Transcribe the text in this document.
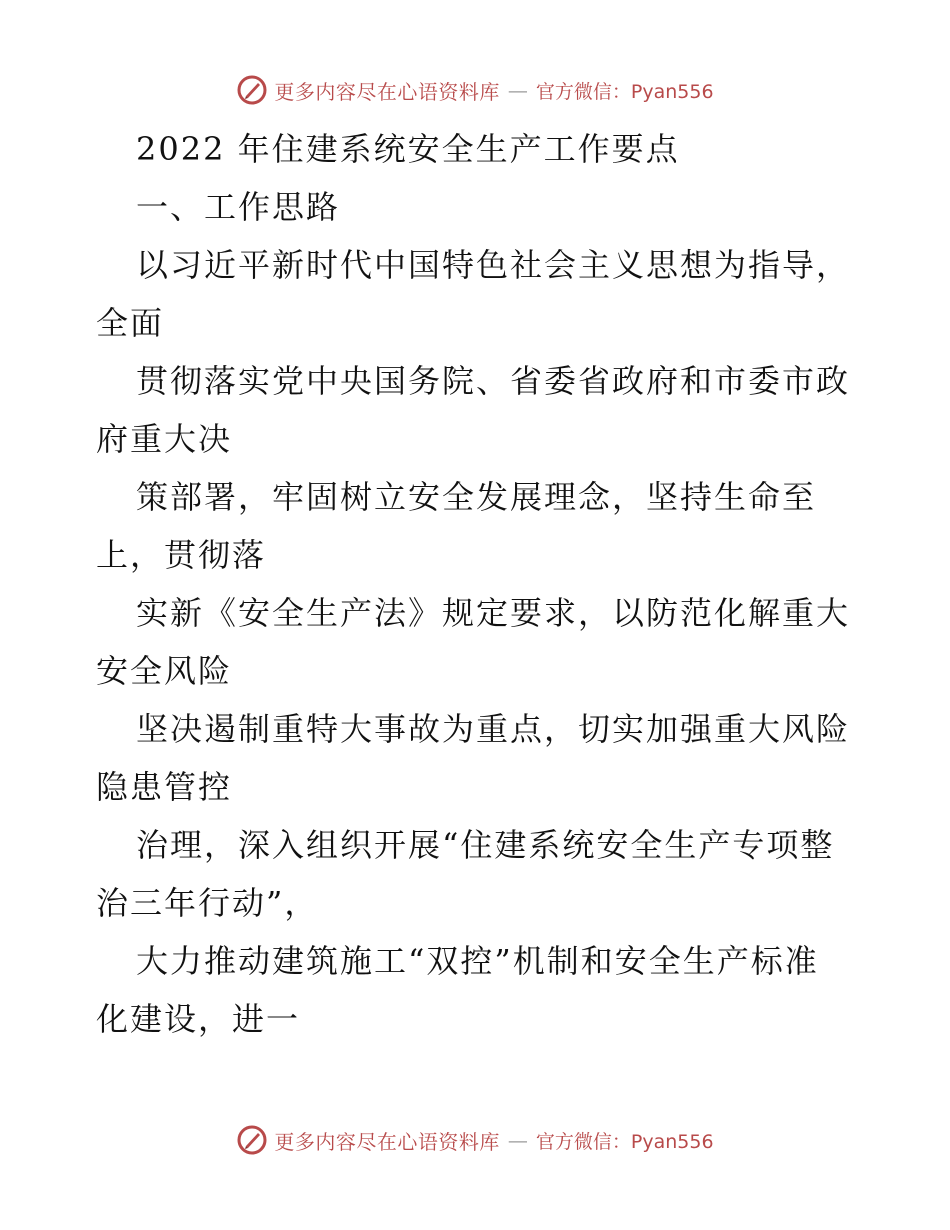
更多内容尽在心语资料库 — 官方微信：Pyan556
2022 年住建系统安全生产工作要点
一、工作思路
以习近平新时代中国特色社会主义思想为指导，
全面
贯彻落实党中央国务院、省委省政府和市委市政
府重大决
策部署，牢固树立安全发展理念，坚持生命至
上，贯彻落
实新《安全生产法》规定要求，以防范化解重大
安全风险
坚决遏制重特大事故为重点，切实加强重大风险
隐患管控
治理，深入组织开展“住建系统安全生产专项整
治三年行动”，
大力推动建筑施工“双控”机制和安全生产标准
化建设，进一
更多内容尽在心语资料库 — 官方微信：Pyan556
